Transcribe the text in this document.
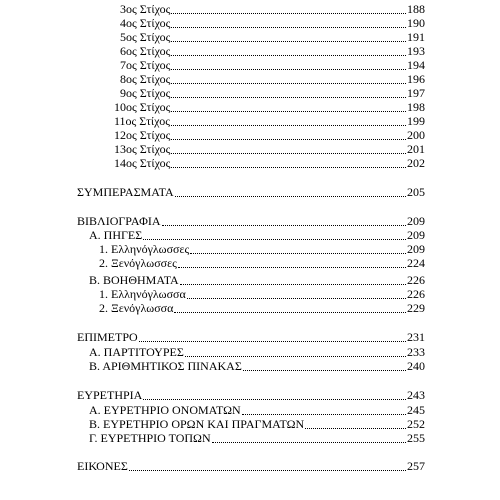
3ος Στίχος	188
4ος Στίχος	190
5ος Στίχος	191
6ος Στίχος	193
7ος Στίχος	194
8ος Στίχος	196
9ος Στίχος	197
10ος Στίχος	198
11ος Στίχος	199
12ος Στίχος	200
13ος Στίχος	201
14ος Στίχος	202
ΣΥΜΠΕΡΑΣΜΑΤΑ	205
ΒΙΒΛΙΟΓΡΑΦΙΑ	209
Α. ΠΗΓΕΣ	209
1. Ελληνόγλωσσες	209
2. Ξενόγλωσσες	224
Β. ΒΟΗΘΗΜΑΤΑ	226
1. Ελληνόγλωσσα	226
2. Ξενόγλωσσα	229
ΕΠΙΜΕΤΡΟ	231
Α. ΠΑΡΤΙΤΟΥΡΕΣ	233
Β. ΑΡΙΘΜΗΤΙΚΟΣ ΠΙΝΑΚΑΣ	240
ΕΥΡΕΤΗΡΙΑ	243
Α. ΕΥΡΕΤΗΡΙΟ ΟΝΟΜΑΤΩΝ	245
Β. ΕΥΡΕΤΗΡΙΟ ΟΡΩΝ ΚΑΙ ΠΡΑΓΜΑΤΩΝ	252
Γ. ΕΥΡΕΤΗΡΙΟ ΤΟΠΩΝ	255
ΕΙΚΟΝΕΣ	257
